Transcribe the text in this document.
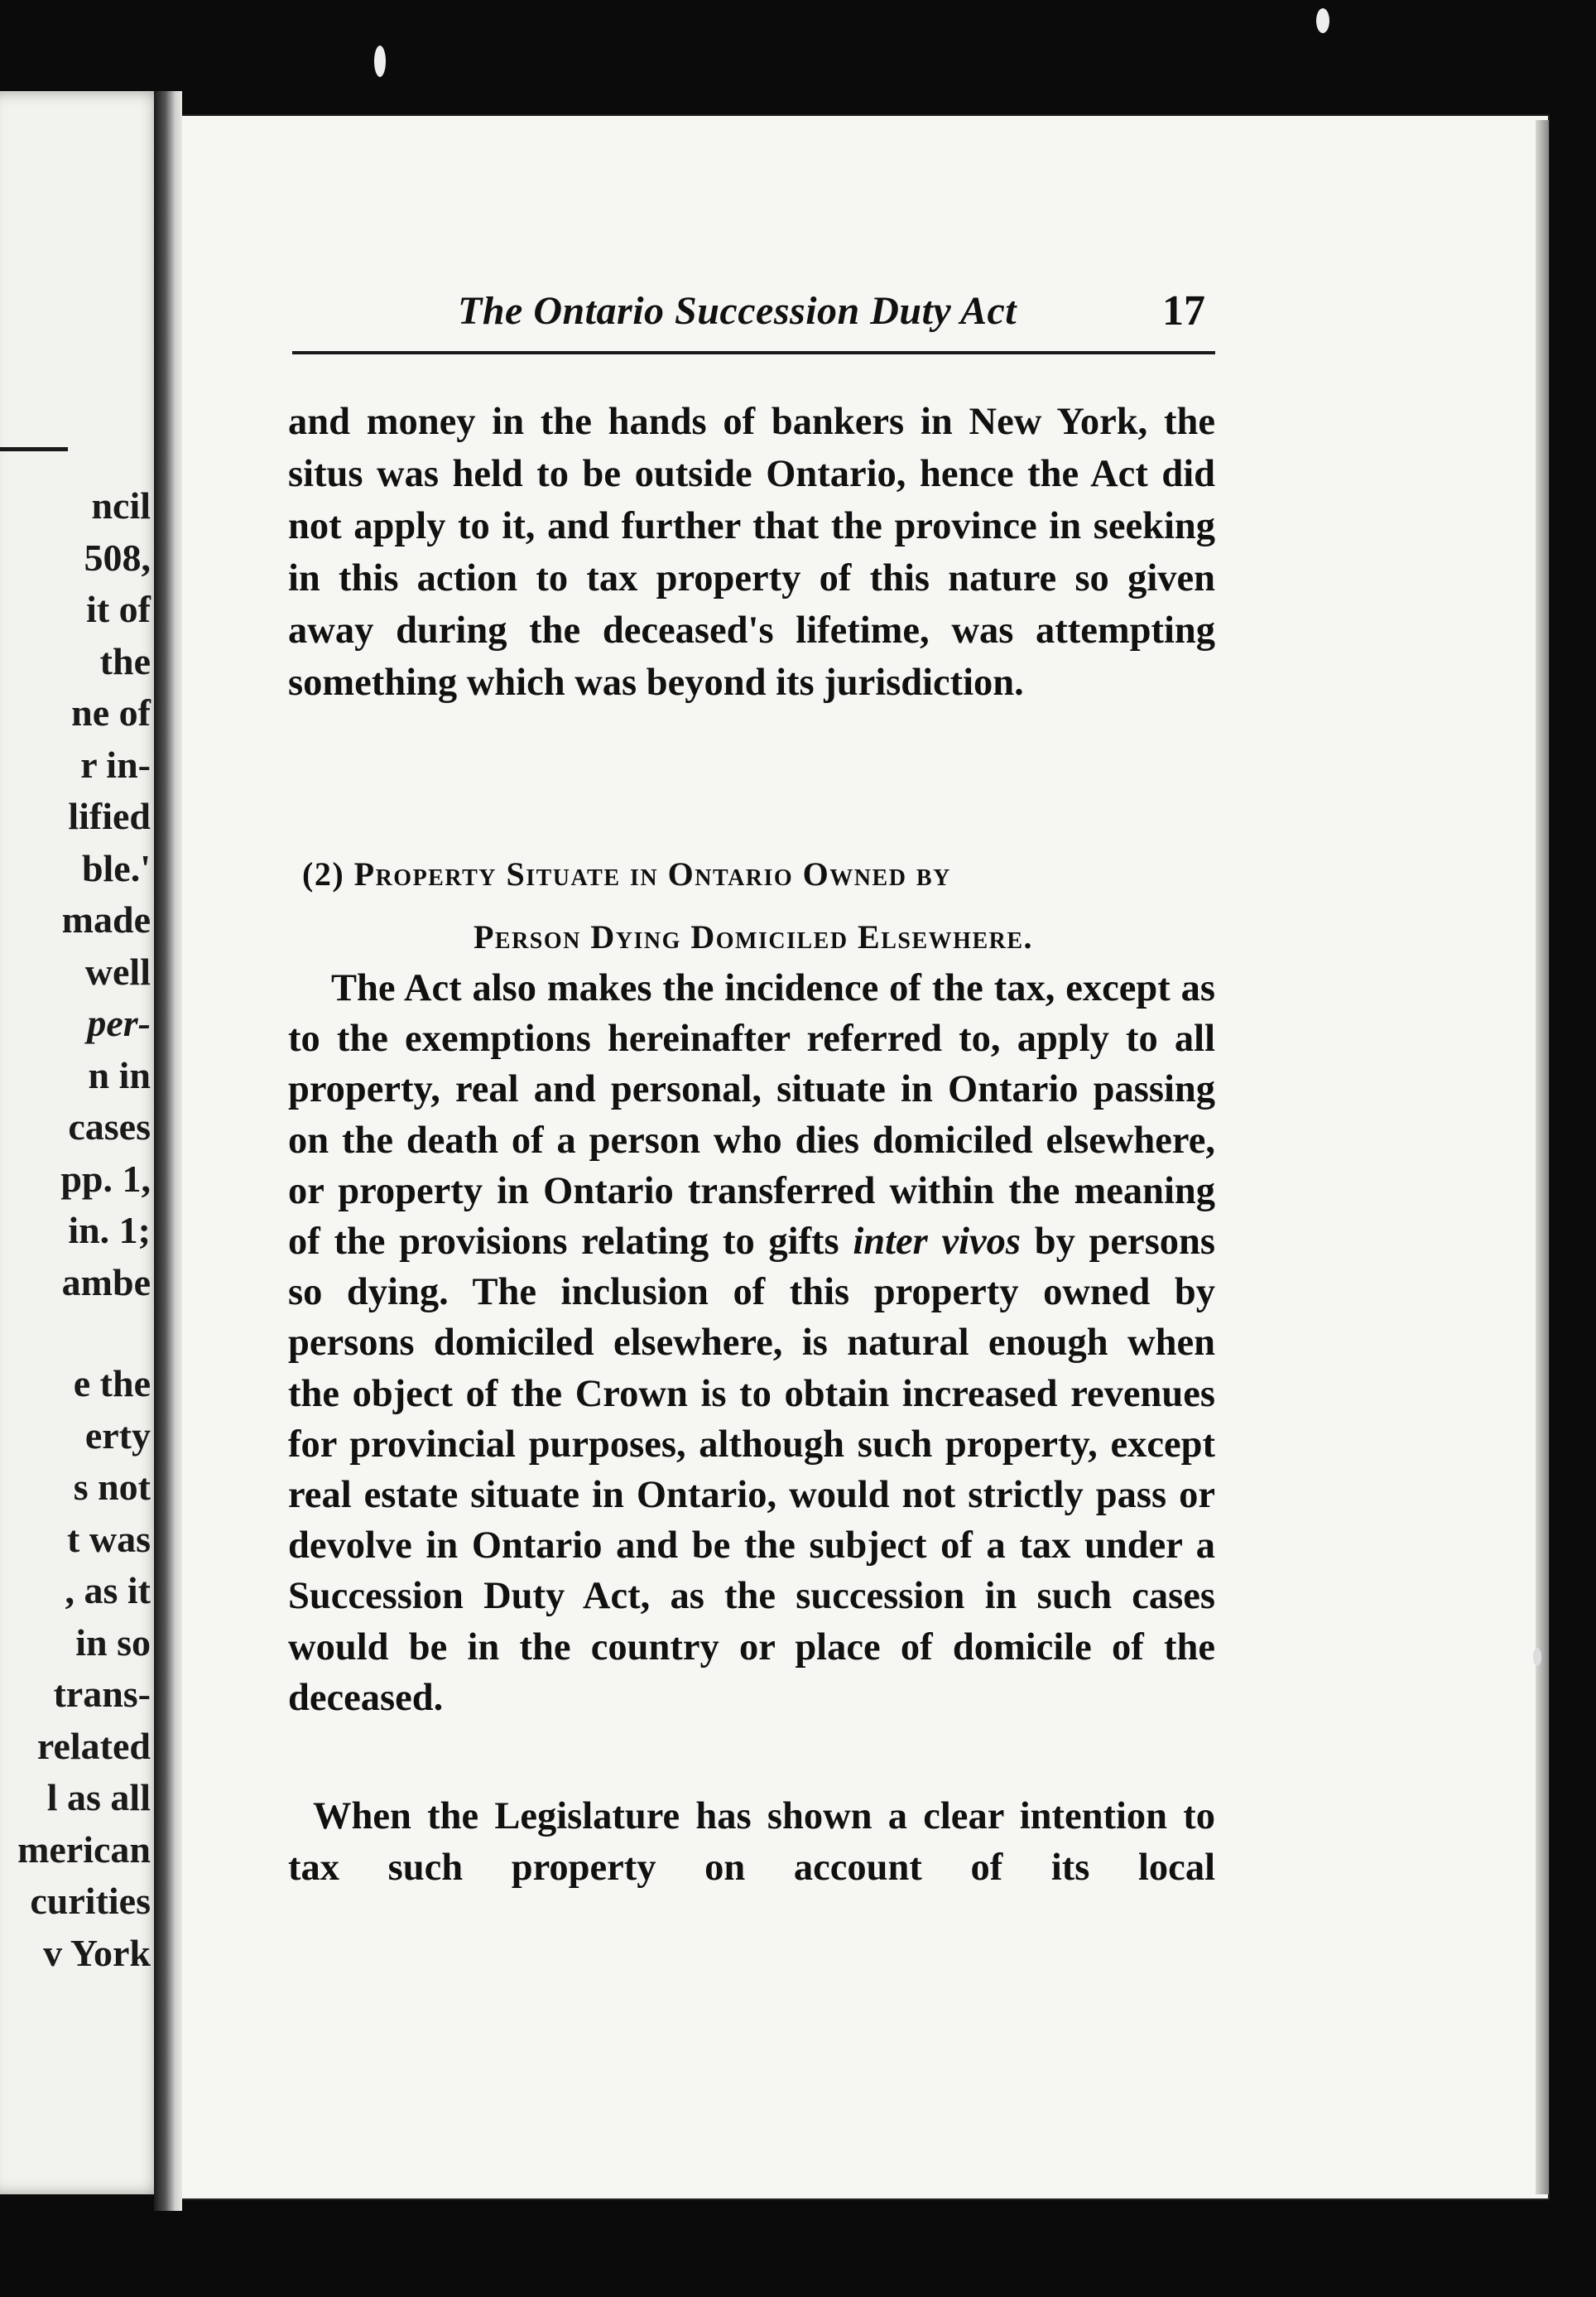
ncil
508,
it of
the
ne of
r in-
lified
ble.'
made
well
per-
n in
cases
pp. 1,
in. 1;
ambe
e the
erty
s not
t was
, as it
in so
trans-
related
l as all
merican
curities
v York
The Ontario Succession Duty Act	17

and money in the hands of bankers in New York, the situs was held to be outside Ontario, hence the Act did not apply to it, and further that the province in seeking in this action to tax property of this nature so given away during the deceased's lifetime, was attempting something which was beyond its jurisdiction.

(2) Property Situate in Ontario Owned by
Person Dying Domiciled Elsewhere.

The Act also makes the incidence of the tax, except as to the exemptions hereinafter referred to, apply to all property, real and personal, situate in Ontario passing on the death of a person who dies domiciled elsewhere, or property in Ontario transferred within the meaning of the provisions relating to gifts inter vivos by persons so dying. The inclusion of this property owned by persons domiciled elsewhere, is natural enough when the object of the Crown is to obtain increased revenues for provincial purposes, although such property, except real estate situate in Ontario, would not strictly pass or devolve in Ontario and be the subject of a tax under a Succession Duty Act, as the succession in such cases would be in the country or place of domicile of the deceased.

When the Legislature has shown a clear intention to tax such property on account of its local
